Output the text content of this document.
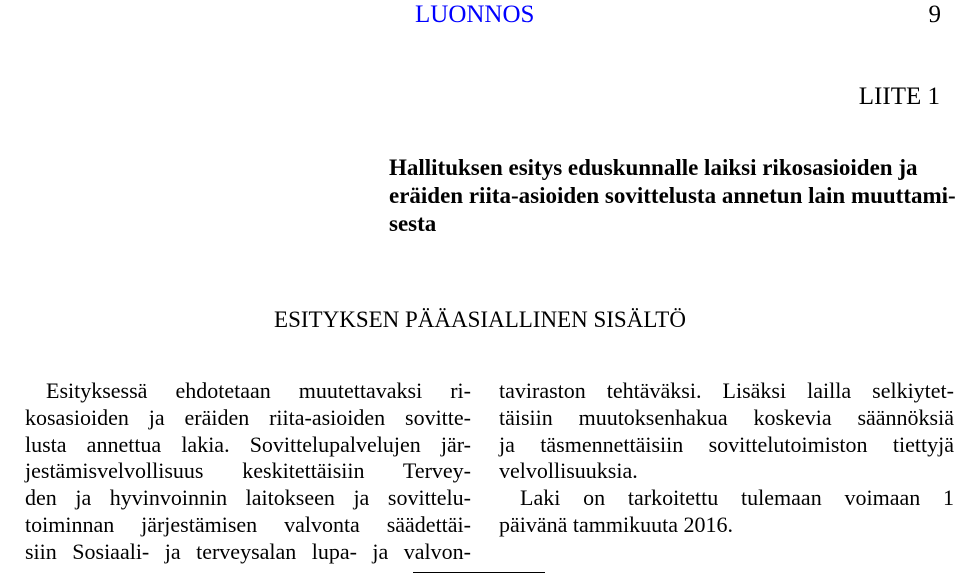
LUONNOS	9
LIITE 1
Hallituksen esitys eduskunnalle laiksi rikosasioiden ja
eräiden riita-asioiden sovittelusta annetun lain muuttami-
sesta
ESITYKSEN PÄÄASIALLINEN SISÄLTÖ

Esityksessä ehdotetaan muutettavaksi ri-
kosasioiden ja eräiden riita-asioiden sovitte-
lusta annettua lakia. Sovittelupalvelujen jär-
jestämisvelvollisuus keskitettäisiin Tervey-
den ja hyvinvoinnin laitokseen ja sovittelu-
toiminnan järjestämisen valvonta säädettäi-
siin Sosiaali- ja terveysalan lupa- ja valvon-

taviraston tehtäväksi. Lisäksi lailla selkiytet-
täisiin muutoksenhakua koskevia säännöksiä
ja täsmennettäisiin sovittelutoimiston tiettyjä
velvollisuuksia.

Laki on tarkoitettu tulemaan voimaan 1
päivänä tammikuuta 2016.
